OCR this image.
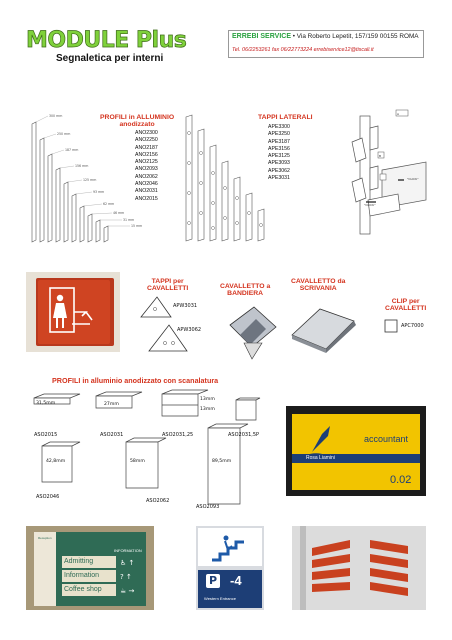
MODULE Plus
Segnaletica per interni
ERREBI SERVICE • Via Roberto Lepetit, 157/159 00155 ROMA
Tel. 06/2253261 fax 06/22773224 errebiservice12@tiscali.it
300 mm
250 mm
187 mm
156 mm
125 mm
93 mm
62 mm
46 mm
31 mm
15 mm
PROFILI in ALLUMINIO
anodizzato
ANO2300
ANO2250
ANO2187
ANO2156
ANO2125
ANO2093
ANO2062
ANO2046
ANO2031
ANO2015
TAPPI LATERALI
APE3300
APE3250
APE3187
APE3156
APE3125
APE3093
APE3062
APE3031
A
B
"CLICK"
"CLICK"
TAPPI per
CAVALLETTI
APW3031
APW3062
CAVALLETTO a
BANDIERA
CAVALLETTO da
SCRIVANIA
CLIP per
CAVALLETTI
APC7000
PROFILI in alluminio anodizzato con scanalatura
31,5mm	27mm
13mm
13mm
42,8mm	58mm	89,5mm
ASO2015	ASO2031	ASO2031,25	ASO2031,5P
ASO2046
ASO2062
ASO2093
accountant
Rosa Liamini
0.02
Reception
INFORMATION
Admitting
Information
Coffee shop
♿ ↑
? ↑
☕ →
P -4
Western Entrance
